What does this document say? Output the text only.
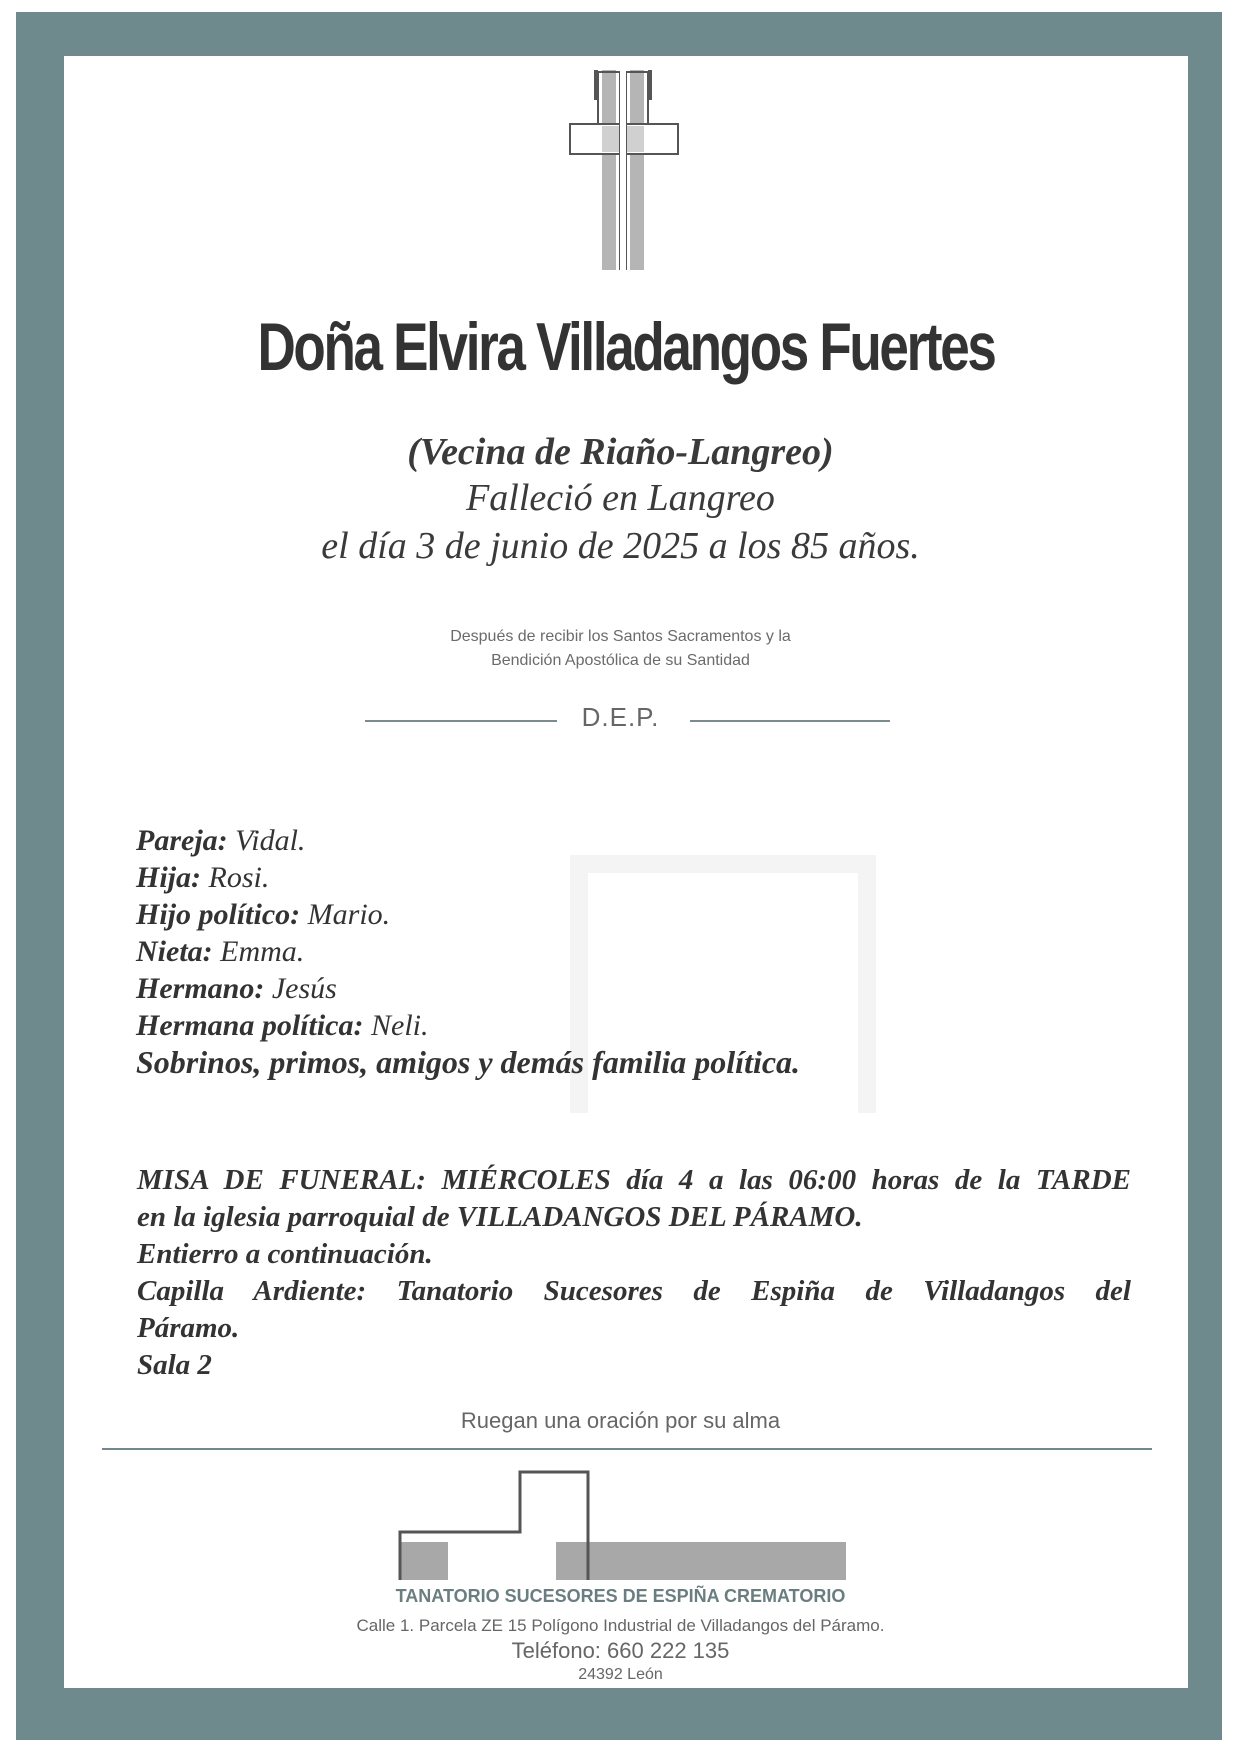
Doña Elvira Villadangos Fuertes
(Vecina de Riaño-Langreo)
Falleció en Langreo
el día 3 de junio de 2025 a los 85 años.
Después de recibir los Santos Sacramentos y la
Bendición Apostólica de su Santidad
D.E.P.
Pareja: Vidal.
Hija: Rosi.
Hijo político: Mario.
Nieta: Emma.
Hermano: Jesús
Hermana política: Neli.
Sobrinos, primos, amigos y demás familia política.
MISA DE FUNERAL: MIÉRCOLES día 4 a las 06:00 horas de la TARDE
en la iglesia parroquial de VILLADANGOS DEL PÁRAMO.
Entierro a continuación.
Capilla Ardiente: Tanatorio Sucesores de Espiña de Villadangos del
Páramo.
Sala 2
Ruegan una oración por su alma
TANATORIO SUCESORES DE ESPIÑA CREMATORIO
Calle 1. Parcela ZE 15 Polígono Industrial de Villadangos del Páramo.
Teléfono: 660 222 135
24392 León
